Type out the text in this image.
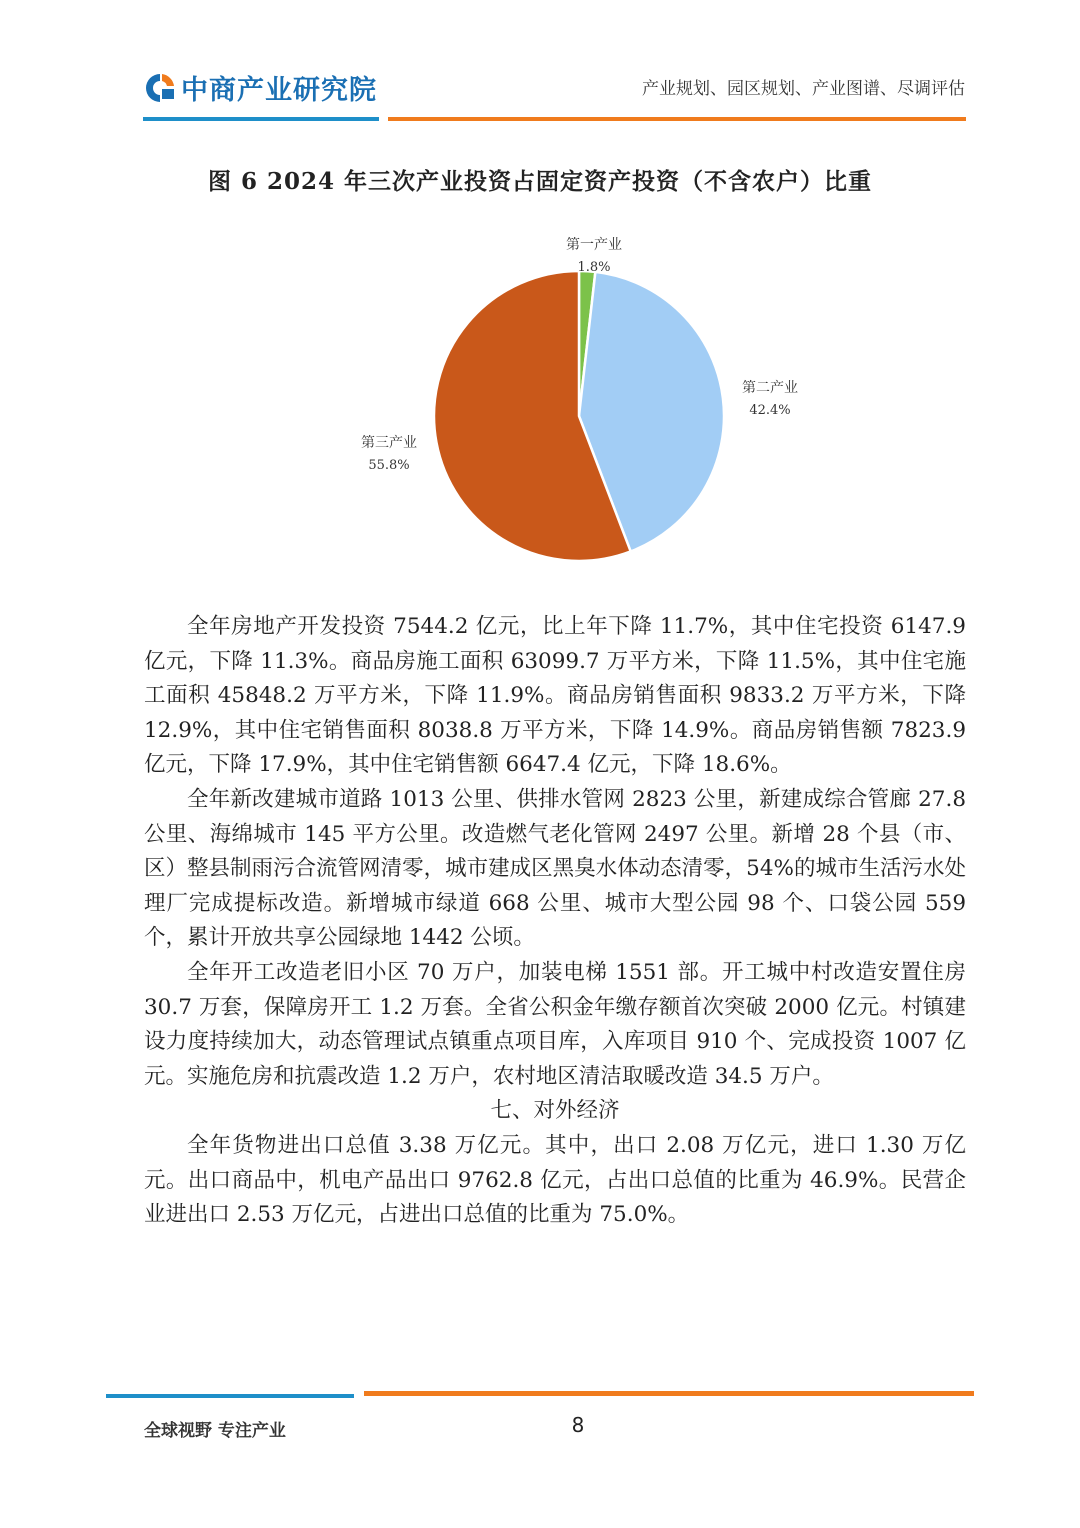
中商产业研究院	产业规划、园区规划、产业图谱、尽调评估
图 6 2024 年三次产业投资占固定资产投资（不含农户）比重
第一产业
1.8%
第二产业
42.4%
第三产业
55.8%

全年房地产开发投资 7544.2 亿元，比上年下降 11.7%，其中住宅投资 6147.9 亿元，下降 11.3%。商品房施工面积 63099.7 万平方米，下降 11.5%，其中住宅施工面积 45848.2 万平方米，下降 11.9%。商品房销售面积 9833.2 万平方米，下降 12.9%，其中住宅销售面积 8038.8 万平方米，下降 14.9%。商品房销售额 7823.9 亿元，下降 17.9%，其中住宅销售额 6647.4 亿元，下降 18.6%。

全年新改建城市道路 1013 公里、供排水管网 2823 公里，新建成综合管廊 27.8 公里、海绵城市 145 平方公里。改造燃气老化管网 2497 公里。新增 28 个县（市、区）整县制雨污合流管网清零，城市建成区黑臭水体动态清零，54%的城市生活污水处理厂完成提标改造。新增城市绿道 668 公里、城市大型公园 98 个、口袋公园 559 个，累计开放共享公园绿地 1442 公顷。

全年开工改造老旧小区 70 万户，加装电梯 1551 部。开工城中村改造安置住房 30.7 万套，保障房开工 1.2 万套。全省公积金年缴存额首次突破 2000 亿元。村镇建设力度持续加大，动态管理试点镇重点项目库，入库项目 910 个、完成投资 1007 亿元。实施危房和抗震改造 1.2 万户，农村地区清洁取暖改造 34.5 万户。

七、对外经济

全年货物进出口总值 3.38 万亿元。其中，出口 2.08 万亿元，进口 1.30 万亿元。出口商品中，机电产品出口 9762.8 亿元，占出口总值的比重为 46.9%。民营企业进出口 2.53 万亿元，占进出口总值的比重为 75.0%。

全球视野 专注产业	8
